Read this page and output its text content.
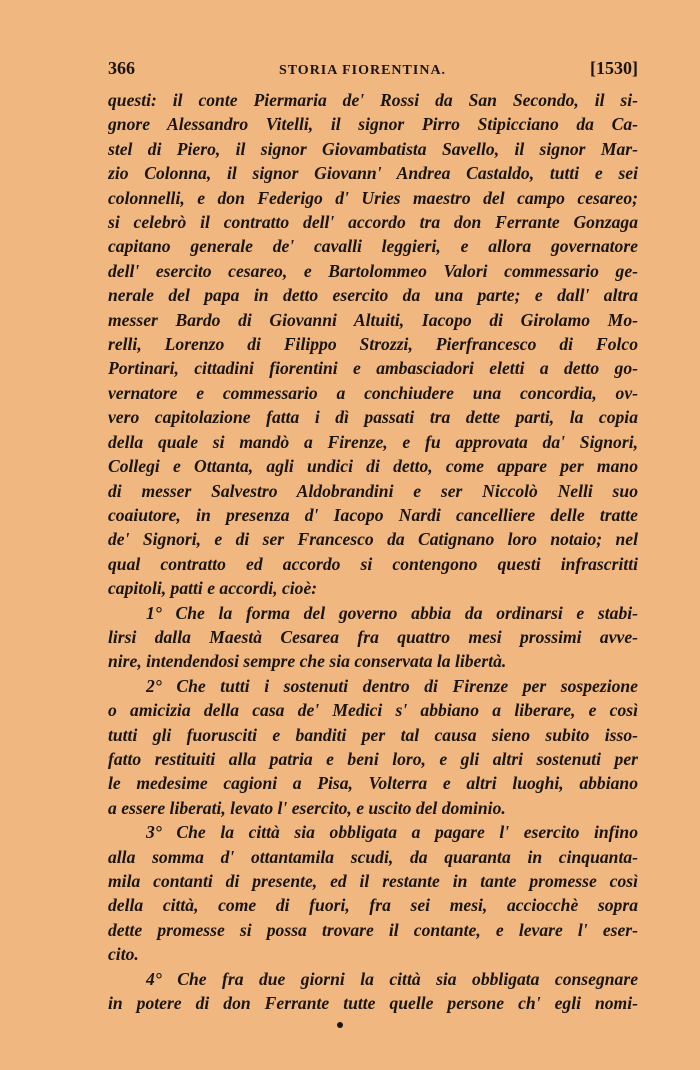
366	STORIA FIORENTINA.	[1530]

questi: il conte Piermaria de' Rossi da San Secondo, il si-

gnore Alessandro Vitelli, il signor Pirro Stipicciano da Ca-

stel di Piero, il signor Giovambatista Savello, il signor Mar-

zio Colonna, il signor Giovann' Andrea Castaldo, tutti e sei

colonnelli, e don Federigo d' Uries maestro del campo cesareo;

si celebrò il contratto dell' accordo tra don Ferrante Gonzaga

capitano generale de' cavalli leggieri, e allora governatore

dell' esercito cesareo, e Bartolommeo Valori commessario ge-

nerale del papa in detto esercito da una parte; e dall' altra

messer Bardo di Giovanni Altuiti, Iacopo di Girolamo Mo-

relli, Lorenzo di Filippo Strozzi, Pierfrancesco di Folco

Portinari, cittadini fiorentini e ambasciadori eletti a detto go-

vernatore e commessario a conchiudere una concordia, ov-

vero capitolazione fatta i dì passati tra dette parti, la copia

della quale si mandò a Firenze, e fu approvata da' Signori,

Collegi e Ottanta, agli undici di detto, come appare per mano

di messer Salvestro Aldobrandini e ser Niccolò Nelli suo

coaiutore, in presenza d' Iacopo Nardi cancelliere delle tratte

de' Signori, e di ser Francesco da Catignano loro notaio; nel

qual contratto ed accordo si contengono questi infrascritti

capitoli, patti e accordi, cioè:

1° Che la forma del governo abbia da ordinarsi e stabi-

lirsi dalla Maestà Cesarea fra quattro mesi prossimi avve-

nire, intendendosi sempre che sia conservata la libertà.

2° Che tutti i sostenuti dentro di Firenze per sospezione

o amicizia della casa de' Medici s' abbiano a liberare, e così

tutti gli fuorusciti e banditi per tal causa sieno subito isso-

fatto restituiti alla patria e beni loro, e gli altri sostenuti per

le medesime cagioni a Pisa, Volterra e altri luoghi, abbiano

a essere liberati, levato l' esercito, e uscito del dominio.

3° Che la città sia obbligata a pagare l' esercito infino

alla somma d' ottantamila scudi, da quaranta in cinquanta-

mila contanti di presente, ed il restante in tante promesse così

della città, come di fuori, fra sei mesi, acciocchè sopra

dette promesse si possa trovare il contante, e levare l' eser-

cito.

4° Che fra due giorni la città sia obbligata consegnare

in potere di don Ferrante tutte quelle persone ch' egli nomi-
